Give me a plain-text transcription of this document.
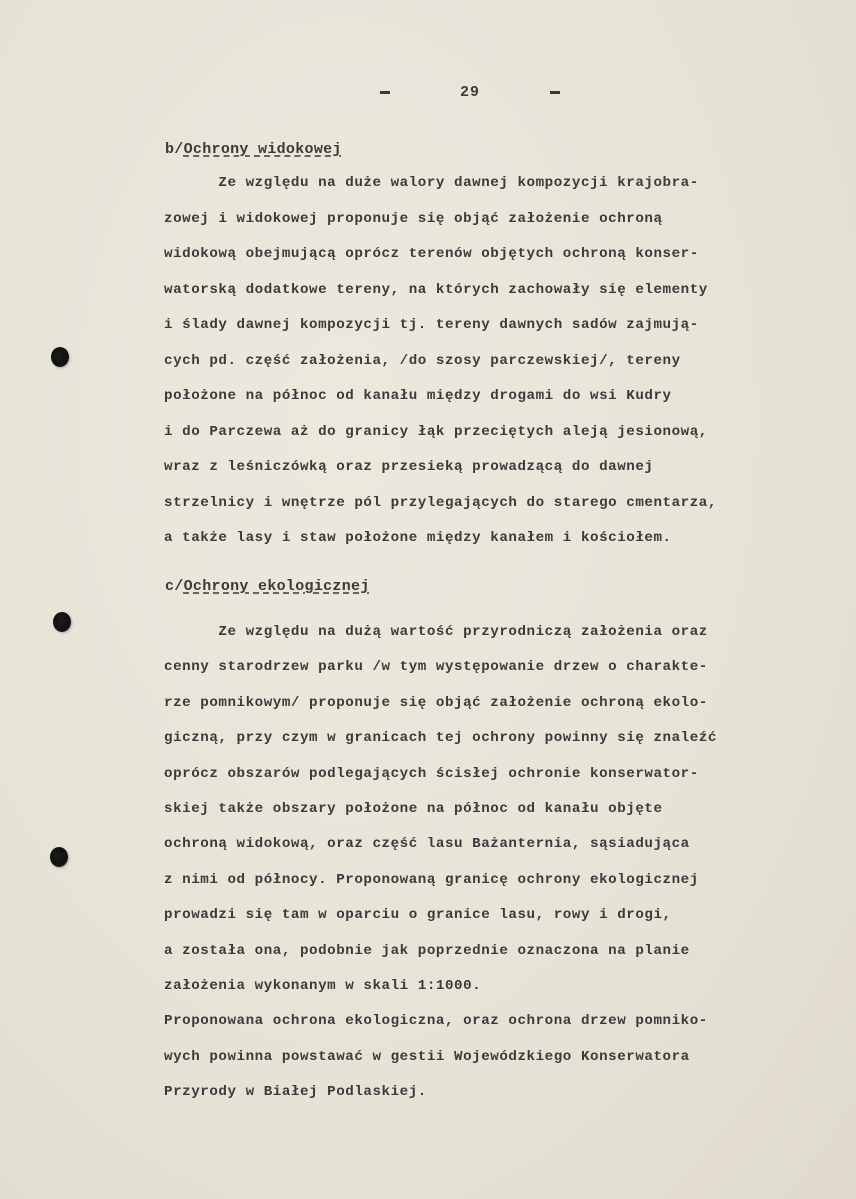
29
b/Ochrony widokowej
Ze względu na duże walory dawnej kompozycji krajobra-
zowej i widokowej proponuje się objąć założenie ochroną
widokową obejmującą oprócz terenów objętych ochroną konser-
watorską dodatkowe tereny, na których zachowały się elementy
i ślady dawnej kompozycji tj. tereny dawnych sadów zajmują-
cych pd. część założenia, /do szosy parczewskiej/, tereny
położone na północ od kanału między drogami do wsi Kudry
i do Parczewa aż do granicy łąk przeciętych aleją jesionową,
wraz z leśniczówką oraz przesieką prowadzącą do dawnej
strzelnicy i wnętrze pól przylegających do starego cmentarza,
a także lasy i staw położone między kanałem i kościołem.
c/Ochrony ekologicznej
Ze względu na dużą wartość przyrodniczą założenia oraz
cenny starodrzew parku /w tym występowanie drzew o charakte-
rze pomnikowym/ proponuje się objąć założenie ochroną ekolo-
giczną, przy czym w granicach tej ochrony powinny się znaleźć
oprócz obszarów podlegających ścisłej ochronie konserwator-
skiej także obszary położone na północ od kanału objęte
ochroną widokową, oraz część lasu Bażanternia, sąsiadująca
z nimi od północy. Proponowaną granicę ochrony ekologicznej
prowadzi się tam w oparciu o granice lasu, rowy i drogi,
a została ona, podobnie jak poprzednie oznaczona na planie
założenia wykonanym w skali 1:1000.
Proponowana ochrona ekologiczna, oraz ochrona drzew pomniko-
wych powinna powstawać w gestii Wojewódzkiego Konserwatora
Przyrody w Białej Podlaskiej.
